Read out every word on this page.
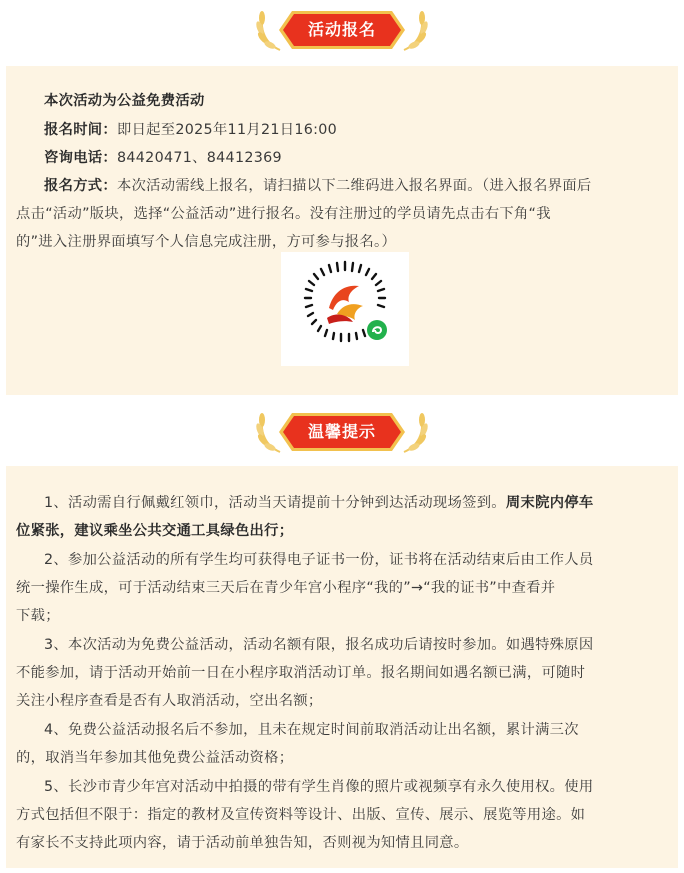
活动报名
本次活动为公益免费活动
报名时间：即日起至2025年11月21日16:00
咨询电话：84420471、84412369
报名方式：本次活动需线上报名，请扫描以下二维码进入报名界面。（进入报名界面后
点击“活动”版块，选择“公益活动”进行报名。没有注册过的学员请先点击右下角“我
的”进入注册界面填写个人信息完成注册，方可参与报名。）
温馨提示
1、活动需自行佩戴红领巾，活动当天请提前十分钟到达活动现场签到。周末院内停车
位紧张，建议乘坐公共交通工具绿色出行；
2、参加公益活动的所有学生均可获得电子证书一份，证书将在活动结束后由工作人员
统一操作生成，可于活动结束三天后在青少年宫小程序“我的”→“我的证书”中查看并
下载；
3、本次活动为免费公益活动，活动名额有限，报名成功后请按时参加。如遇特殊原因
不能参加，请于活动开始前一日在小程序取消活动订单。报名期间如遇名额已满，可随时
关注小程序查看是否有人取消活动，空出名额；
4、免费公益活动报名后不参加，且未在规定时间前取消活动让出名额，累计满三次
的，取消当年参加其他免费公益活动资格；
5、长沙市青少年宫对活动中拍摄的带有学生肖像的照片或视频享有永久使用权。使用
方式包括但不限于：指定的教材及宣传资料等设计、出版、宣传、展示、展览等用途。如
有家长不支持此项内容，请于活动前单独告知，否则视为知情且同意。
